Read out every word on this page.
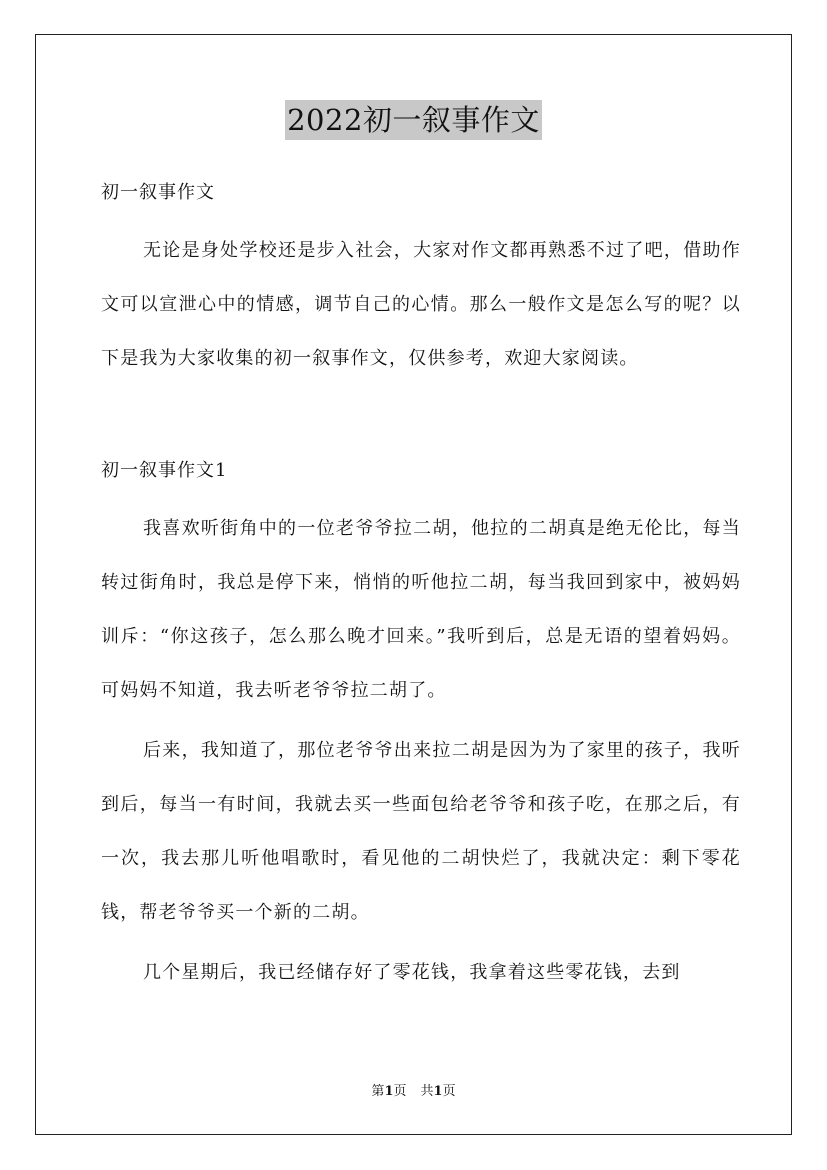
2022初一叙事作文

初一叙事作文

无论是身处学校还是步入社会，大家对作文都再熟悉不过了吧，借助作文可以宣泄心中的情感，调节自己的心情。那么一般作文是怎么写的呢？以下是我为大家收集的初一叙事作文，仅供参考，欢迎大家阅读。

初一叙事作文1

我喜欢听街角中的一位老爷爷拉二胡，他拉的二胡真是绝无伦比，每当转过街角时，我总是停下来，悄悄的听他拉二胡，每当我回到家中，被妈妈训斥：“你这孩子，怎么那么晚才回来。”我听到后，总是无语的望着妈妈。可妈妈不知道，我去听老爷爷拉二胡了。

后来，我知道了，那位老爷爷出来拉二胡是因为为了家里的孩子，我听到后，每当一有时间，我就去买一些面包给老爷爷和孩子吃，在那之后，有一次，我去那儿听他唱歌时，看见他的二胡快烂了，我就决定：剩下零花钱，帮老爷爷买一个新的二胡。

几个星期后，我已经储存好了零花钱，我拿着这些零花钱，去到

第1页 共1页
